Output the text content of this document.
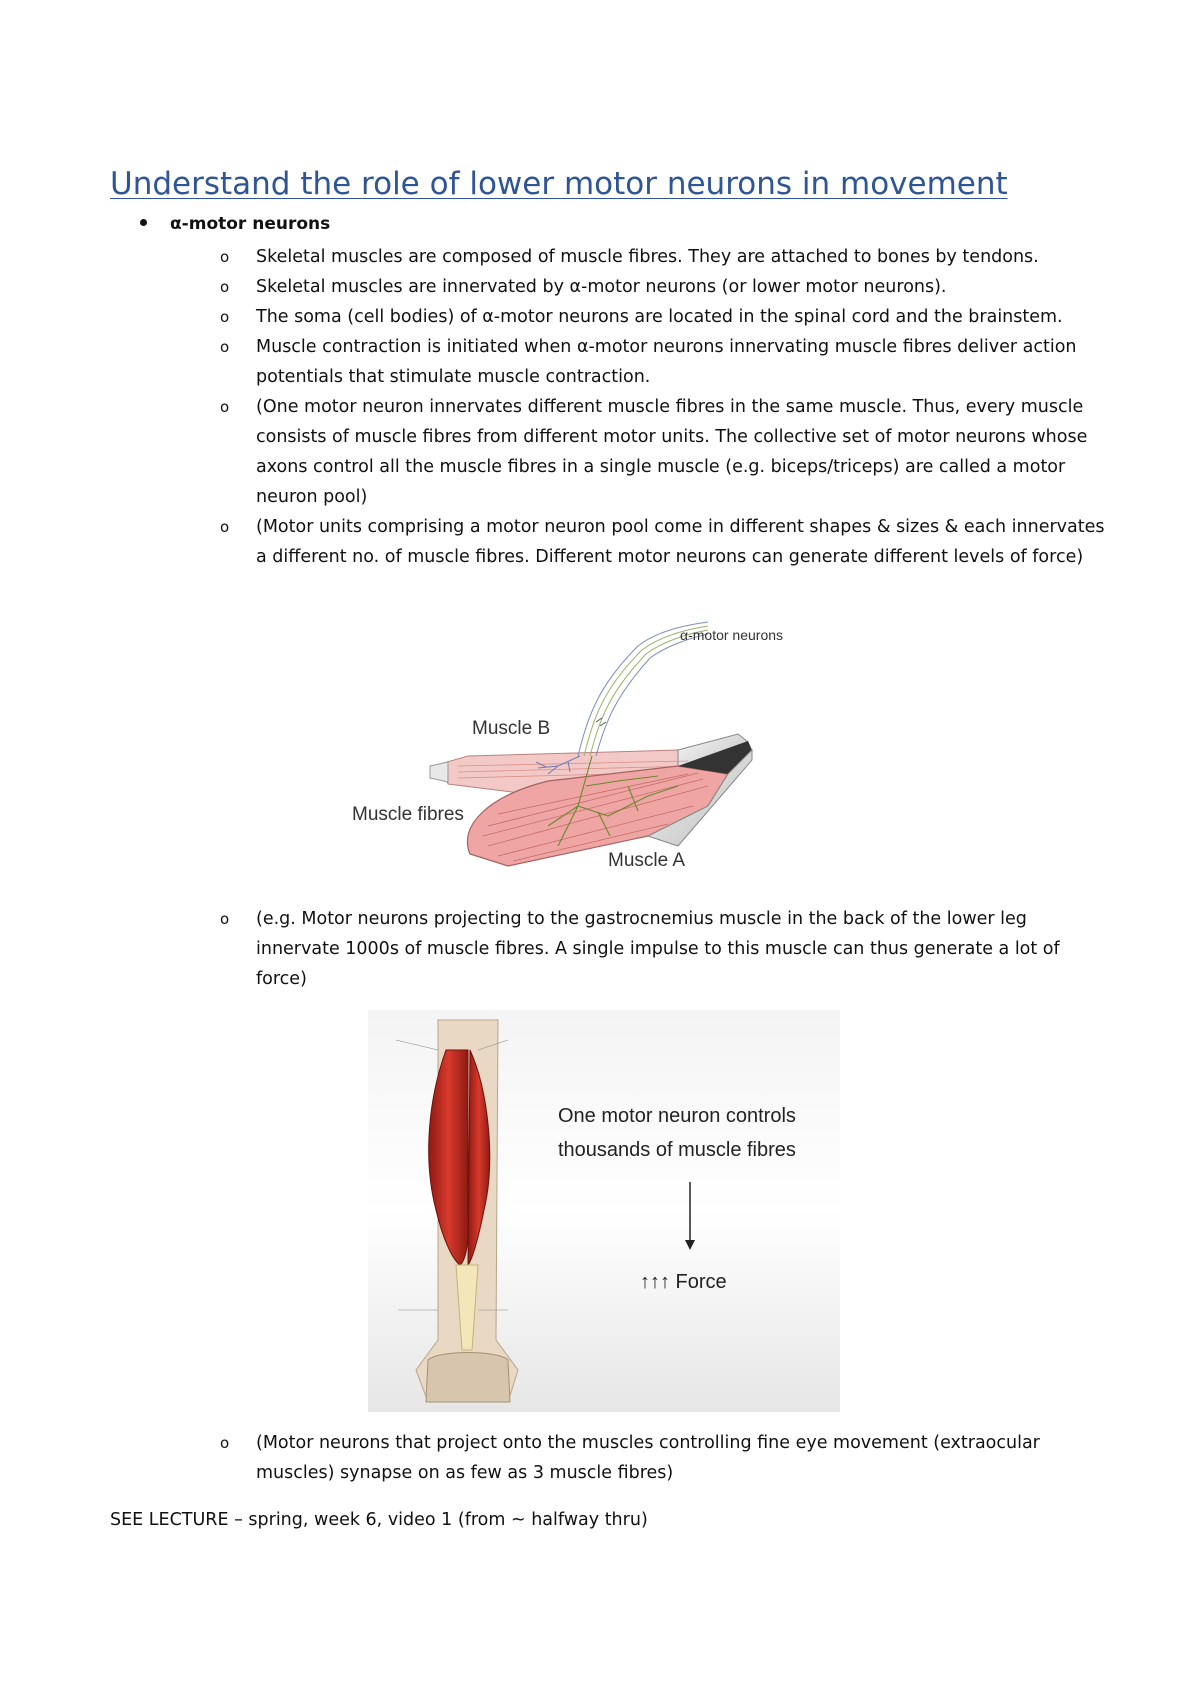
Understand the role of lower motor neurons in movement
α-motor neurons
o Skeletal muscles are composed of muscle fibres. They are attached to bones by tendons.
o Skeletal muscles are innervated by α-motor neurons (or lower motor neurons).
o The soma (cell bodies) of α-motor neurons are located in the spinal cord and the brainstem.
o Muscle contraction is initiated when α-motor neurons innervating muscle fibres deliver action potentials that stimulate muscle contraction.
o (One motor neuron innervates different muscle fibres in the same muscle. Thus, every muscle consists of muscle fibres from different motor units. The collective set of motor neurons whose axons control all the muscle fibres in a single muscle (e.g. biceps/triceps) are called a motor neuron pool)
o (Motor units comprising a motor neuron pool come in different shapes & sizes & each innervates a different no. of muscle fibres. Different motor neurons can generate different levels of force)
α-motor neurons
Muscle B
Muscle fibres
Muscle A
o (e.g. Motor neurons projecting to the gastrocnemius muscle in the back of the lower leg innervate 1000s of muscle fibres. A single impulse to this muscle can thus generate a lot of force)
One motor neuron controls
thousands of muscle fibres
↑↑↑ Force
o (Motor neurons that project onto the muscles controlling fine eye movement (extraocular muscles) synapse on as few as 3 muscle fibres)
SEE LECTURE – spring, week 6, video 1 (from ~ halfway thru)
